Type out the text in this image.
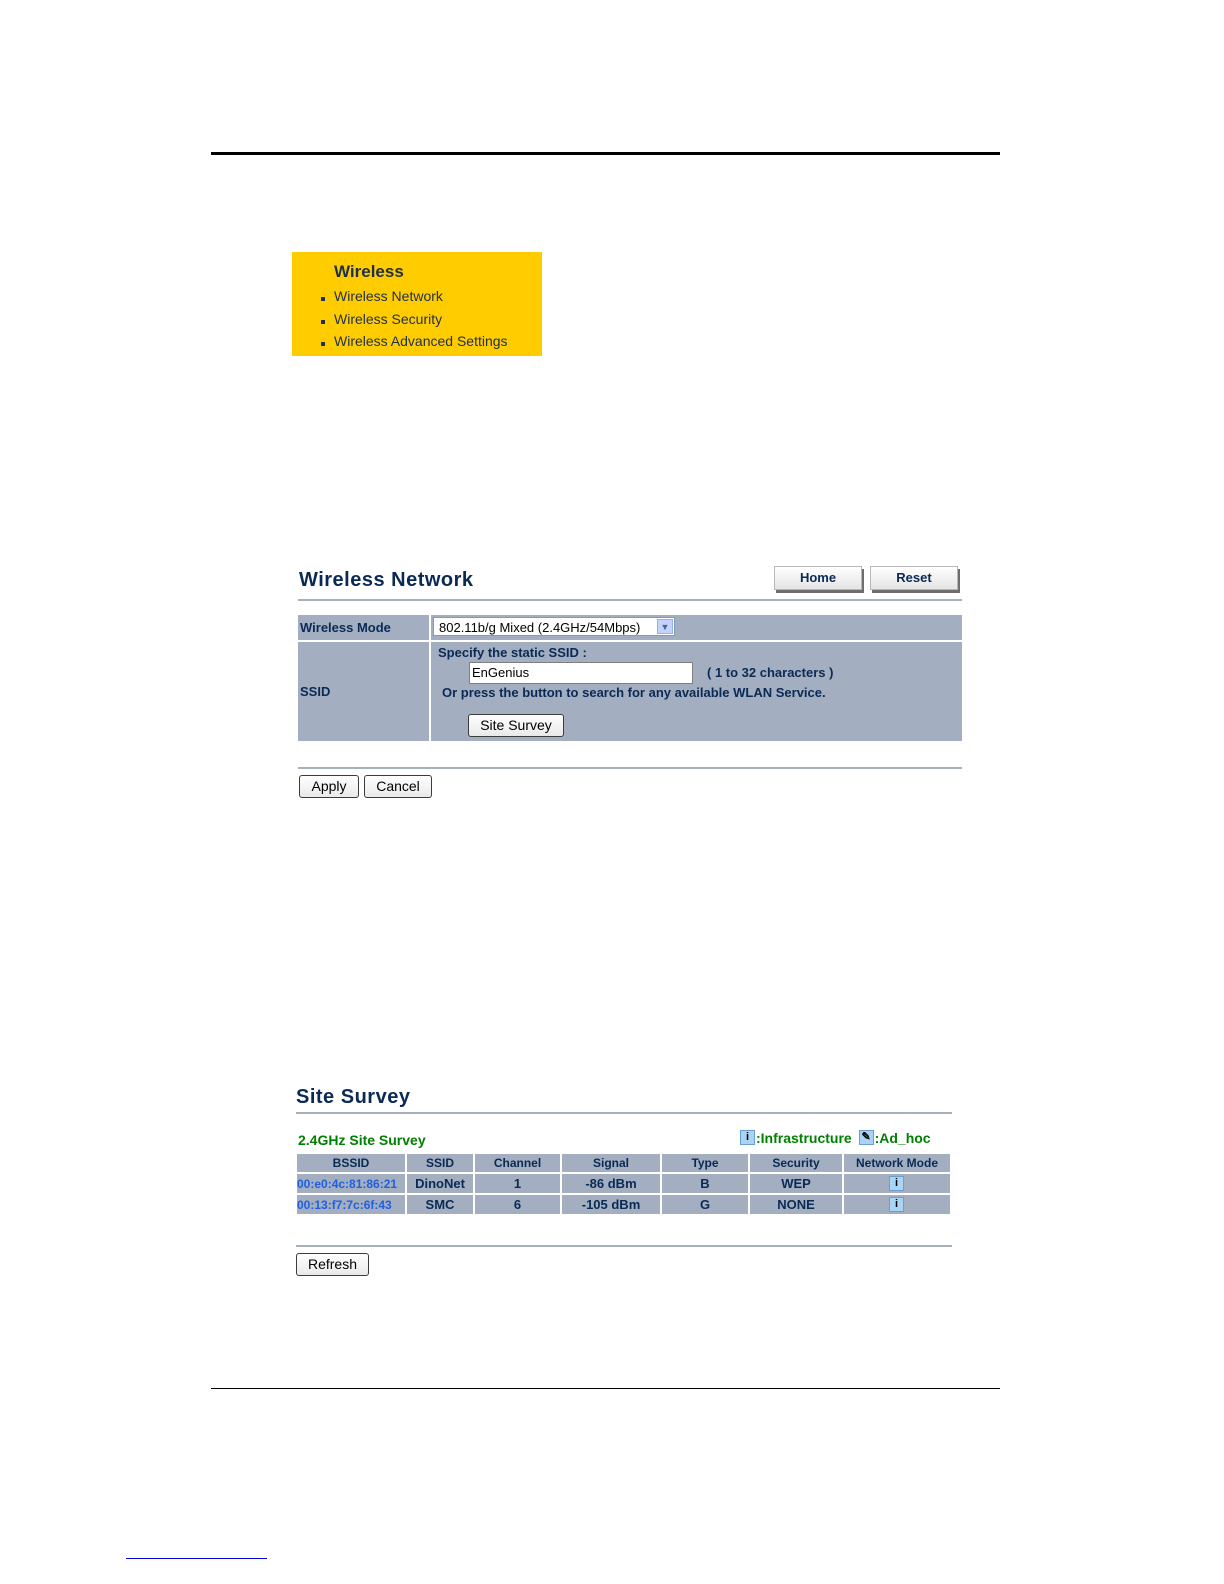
Wireless
Wireless Network
Wireless Security
Wireless Advanced Settings
Wireless Network	Home	Reset
Wireless Mode	802.11b/g Mixed (2.4GHz/54Mbps)	▼
SSID
Specify the static SSID :
EnGenius	( 1 to 32 characters )
Or press the button to search for any available WLAN Service.
Site Survey
Apply	Cancel
Site Survey
2.4GHz Site Survey	i :Infrastructure ✎ :Ad_hoc
BSSID	SSID	Channel	Signal	Type	Security	Network Mode
00:e0:4c:81:86:21	DinoNet	1	-86 dBm	B	WEP	i
00:13:f7:7c:6f:43	SMC	6	-105 dBm	G	NONE	i
Refresh
